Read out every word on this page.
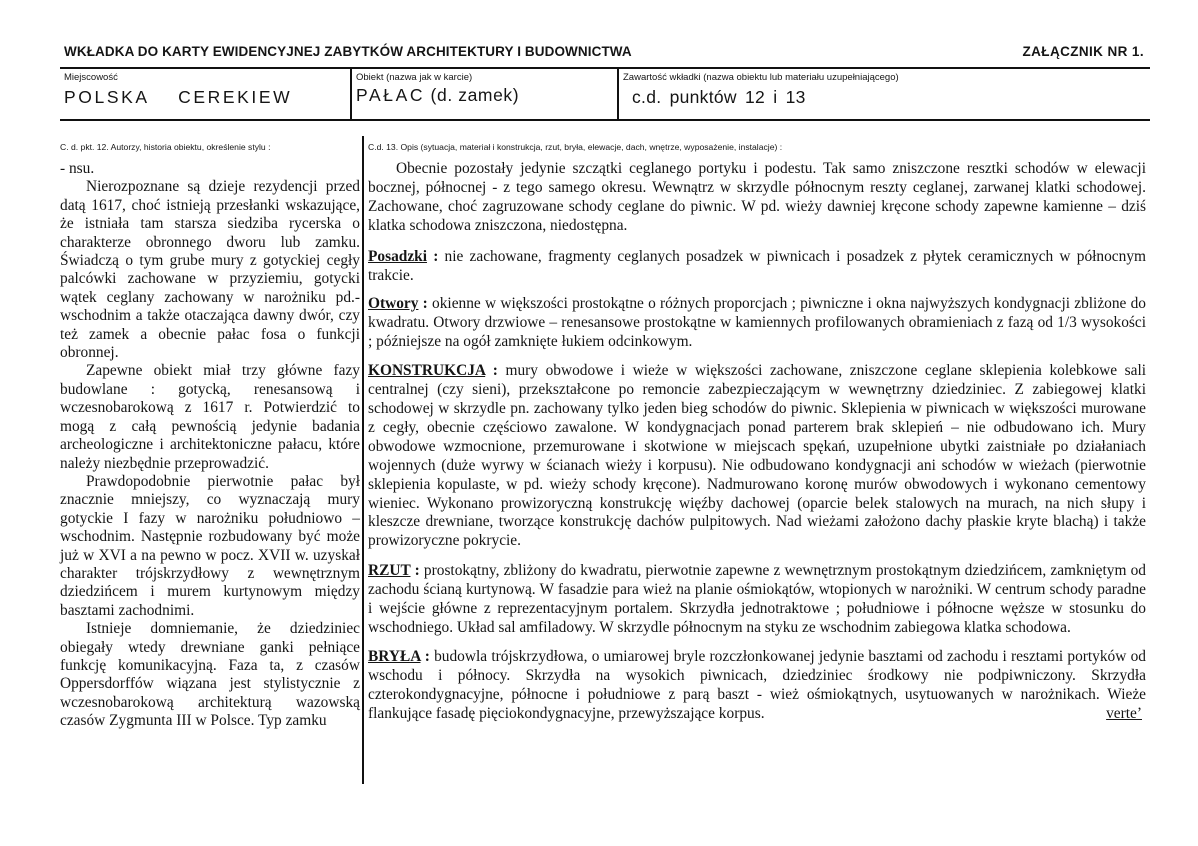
WKŁADKA DO KARTY EWIDENCYJNEJ ZABYTKÓW ARCHITEKTURY I BUDOWNICTWA	ZAŁĄCZNIK NR 1.
Miejscowość
POLSKA CEREKIEW
Obiekt (nazwa jak w karcie)
PAŁAC (d. zamek)
Zawartość wkładki (nazwa obiektu lub materiału uzupełniającego)
c.d. punktów 12 i 13
C. d. pkt. 12. Autorzy, historia obiektu, określenie stylu :	C.d. 13. Opis (sytuacja, materiał i konstrukcja, rzut, bryła, elewacje, dach, wnętrze, wyposażenie, instalacje) :

- nsu.

Nierozpoznane są dzieje rezydencji przed datą 1617, choć istnieją przesłanki wskazujące, że istniała tam starsza siedziba rycerska o charakterze obronnego dworu lub zamku. Świadczą o tym grube mury z gotyckiej cegły palcówki zachowane w przyziemiu, gotycki wątek ceglany zachowany w narożniku pd.-wschodnim a także otaczająca dawny dwór, czy też zamek a obecnie pałac fosa o funkcji obronnej.

Zapewne obiekt miał trzy główne fazy budowlane : gotycką, renesansową i wczesnobarokową z 1617 r. Potwierdzić to mogą z całą pewnością jedynie badania archeologiczne i architektoniczne pałacu, które należy niezbędnie przeprowadzić.

Prawdopodobnie pierwotnie pałac był znacznie mniejszy, co wyznaczają mury gotyckie I fazy w narożniku południowo – wschodnim. Następnie rozbudowany być może już w XVI a na pewno w pocz. XVII w. uzyskał charakter trójskrzydłowy z wewnętrznym dziedzińcem i murem kurtynowym między basztami zachodnimi.

Istnieje domniemanie, że dziedziniec obiegały wtedy drewniane ganki pełniące funkcję komunikacyjną. Faza ta, z czasów Oppersdorffów wiązana jest stylistycznie z wczesnobarokową architekturą wazowską czasów Zygmunta III w Polsce. Typ zamku

Obecnie pozostały jedynie szczątki ceglanego portyku i podestu. Tak samo zniszczone resztki schodów w elewacji bocznej, północnej - z tego samego okresu. Wewnątrz w skrzydle północnym reszty ceglanej, zarwanej klatki schodowej. Zachowane, choć zagruzowane schody ceglane do piwnic. W pd. wieży dawniej kręcone schody zapewne kamienne – dziś klatka schodowa zniszczona, niedostępna.

Posadzki : nie zachowane, fragmenty ceglanych posadzek w piwnicach i posadzek z płytek ceramicznych w północnym trakcie.

Otwory : okienne w większości prostokątne o różnych proporcjach ; piwniczne i okna najwyższych kondygnacji zbliżone do kwadratu. Otwory drzwiowe – renesansowe prostokątne w kamiennych profilowanych obramieniach z fazą od 1/3 wysokości ; późniejsze na ogół zamknięte łukiem odcinkowym.

KONSTRUKCJA : mury obwodowe i wieże w większości zachowane, zniszczone ceglane sklepienia kolebkowe sali centralnej (czy sieni), przekształcone po remoncie zabezpieczającym w wewnętrzny dziedziniec. Z zabiegowej klatki schodowej w skrzydle pn. zachowany tylko jeden bieg schodów do piwnic. Sklepienia w piwnicach w większości murowane z cegły, obecnie częściowo zawalone. W kondygnacjach ponad parterem brak sklepień – nie odbudowano ich. Mury obwodowe wzmocnione, przemurowane i skotwione w miejscach spękań, uzupełnione ubytki zaistniałe po działaniach wojennych (duże wyrwy w ścianach wieży i korpusu). Nie odbudowano kondygnacji ani schodów w wieżach (pierwotnie sklepienia kopulaste, w pd. wieży schody kręcone). Nadmurowano koronę murów obwodowych i wykonano cementowy wieniec. Wykonano prowizoryczną konstrukcję więźby dachowej (oparcie belek stalowych na murach, na nich słupy i kleszcze drewniane, tworzące konstrukcję dachów pulpitowych. Nad wieżami założono dachy płaskie kryte blachą) i także prowizoryczne pokrycie.

RZUT : prostokątny, zbliżony do kwadratu, pierwotnie zapewne z wewnętrznym prostokątnym dziedzińcem, zamkniętym od zachodu ścianą kurtynową. W fasadzie para wież na planie ośmiokątów, wtopionych w narożniki. W centrum schody paradne i wejście główne z reprezentacyjnym portalem. Skrzydła jednotraktowe ; południowe i północne węższe w stosunku do wschodniego. Układ sal amfiladowy. W skrzydle północnym na styku ze wschodnim zabiegowa klatka schodowa.

BRYŁA : budowla trójskrzydłowa, o umiarowej bryle rozczłonkowanej jedynie basztami od zachodu i resztami portyków od wschodu i północy. Skrzydła na wysokich piwnicach, dziedziniec środkowy nie podpiwniczony. Skrzydła czterokondygnacyjne, północne i południowe z parą baszt - wież ośmiokątnych, usytuowanych w narożnikach. Wieże flankujące fasadę pięciokondygnacyjne, przewyższające korpus.	verte’
